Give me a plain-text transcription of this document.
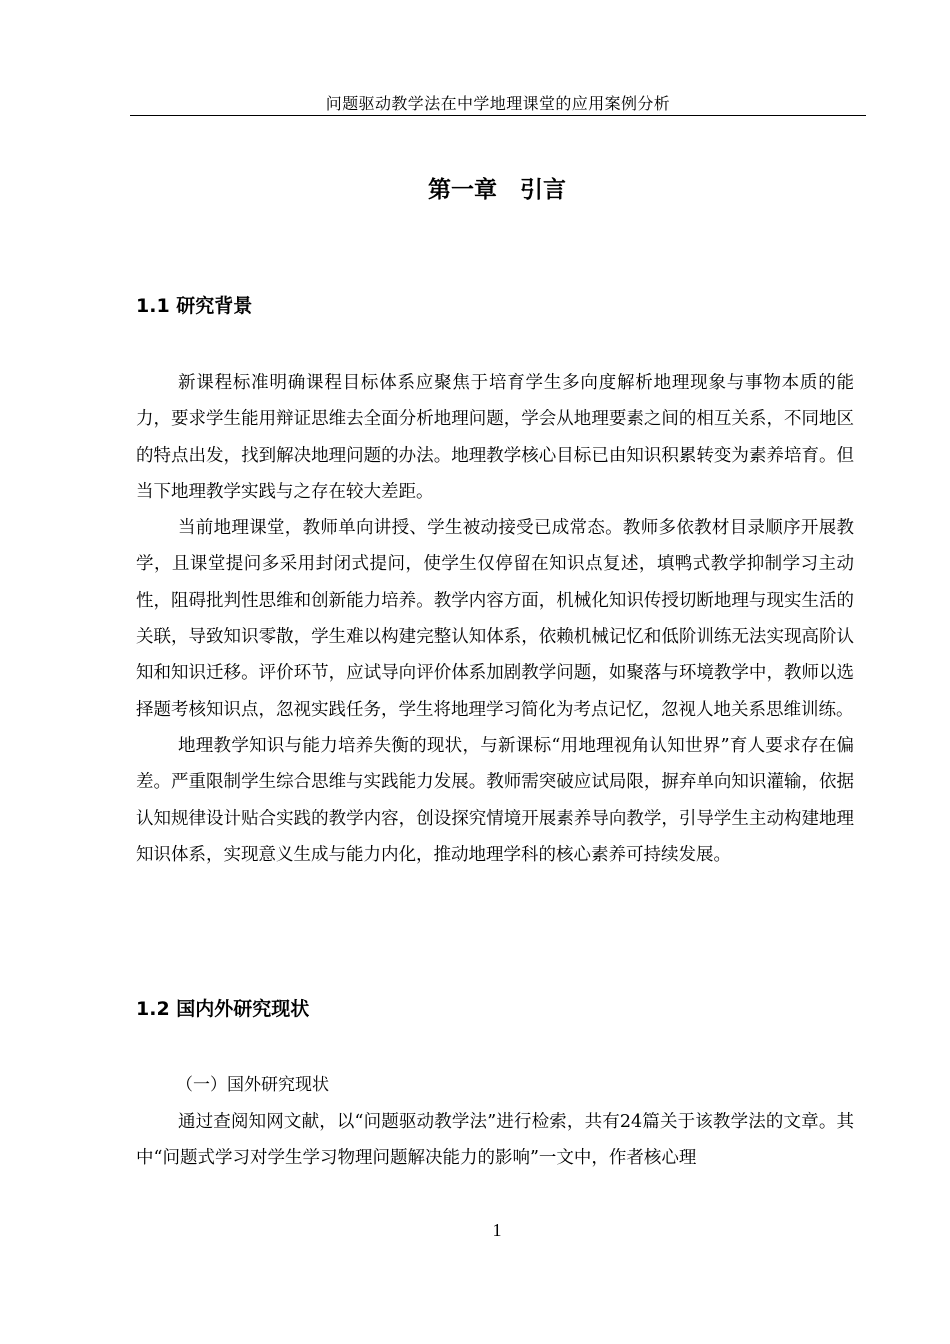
问题驱动教学法在中学地理课堂的应用案例分析
第一章　引言
1.1 研究背景

新课程标准明确课程目标体系应聚焦于培育学生多向度解析地理现象与事物本质的能力，要求学生能用辩证思维去全面分析地理问题，学会从地理要素之间的相互关系，不同地区的特点出发，找到解决地理问题的办法。地理教学核心目标已由知识积累转变为素养培育。但当下地理教学实践与之存在较大差距。

当前地理课堂，教师单向讲授、学生被动接受已成常态。教师多依教材目录顺序开展教学，且课堂提问多采用封闭式提问，使学生仅停留在知识点复述，填鸭式教学抑制学习主动性，阻碍批判性思维和创新能力培养。教学内容方面，机械化知识传授切断地理与现实生活的关联，导致知识零散，学生难以构建完整认知体系，依赖机械记忆和低阶训练无法实现高阶认知和知识迁移。评价环节，应试导向评价体系加剧教学问题，如聚落与环境教学中，教师以选择题考核知识点，忽视实践任务，学生将地理学习简化为考点记忆，忽视人地关系思维训练。

地理教学知识与能力培养失衡的现状，与新课标“用地理视角认知世界”育人要求存在偏差。严重限制学生综合思维与实践能力发展。教师需突破应试局限，摒弃单向知识灌输，依据认知规律设计贴合实践的教学内容，创设探究情境开展素养导向教学，引导学生主动构建地理知识体系，实现意义生成与能力内化，推动地理学科的核心素养可持续发展。

1.2 国内外研究现状
（一）国外研究现状

通过查阅知网文献，以“问题驱动教学法”进行检索，共有24篇关于该教学法的文章。其中“问题式学习对学生学习物理问题解决能力的影响”一文中，作者核心理

1
